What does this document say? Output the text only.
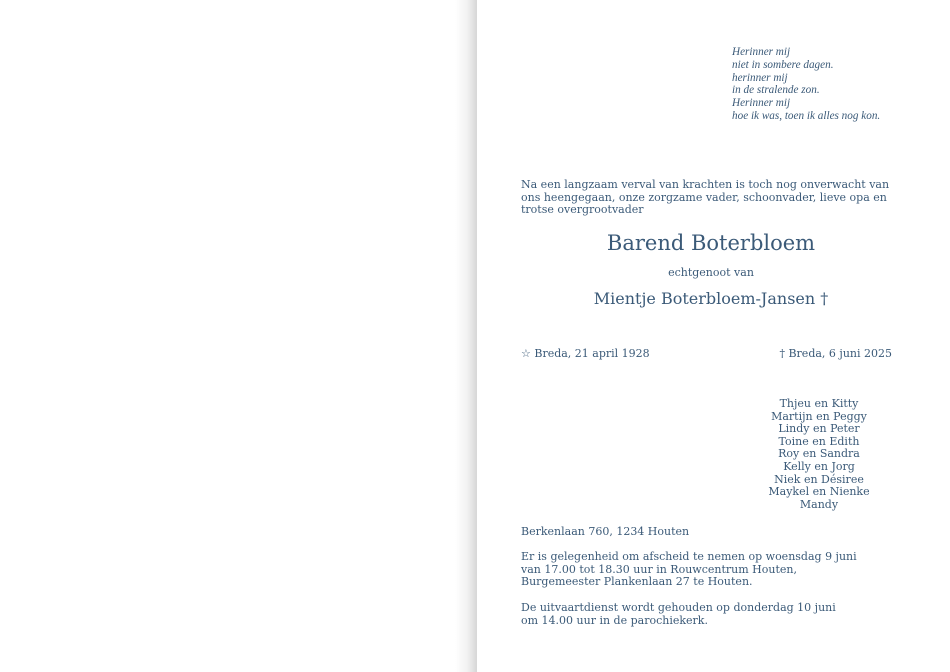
Herinner mij
niet in sombere dagen.
herinner mij
in de stralende zon.
Herinner mij
hoe ik was, toen ik alles nog kon.
Na een langzaam verval van krachten is toch nog onverwacht van
ons heengegaan, onze zorgzame vader, schoonvader, lieve opa en
trotse overgrootvader
Barend Boterbloem
echtgenoot van
Mientje Boterbloem-Jansen †
☆ Breda, 21 april 1928	† Breda, 6 juni 2025
Thjeu en Kitty
Martijn en Peggy
Lindy en Peter
Toine en Edith
Roy en Sandra
Kelly en Jorg
Niek en Désiree
Maykel en Nienke
Mandy
Berkenlaan 760, 1234 Houten
Er is gelegenheid om afscheid te nemen op woensdag 9 juni
van 17.00 tot 18.30 uur in Rouwcentrum Houten,
Burgemeester Plankenlaan 27 te Houten.
De uitvaartdienst wordt gehouden op donderdag 10 juni
om 14.00 uur in de parochiekerk.
